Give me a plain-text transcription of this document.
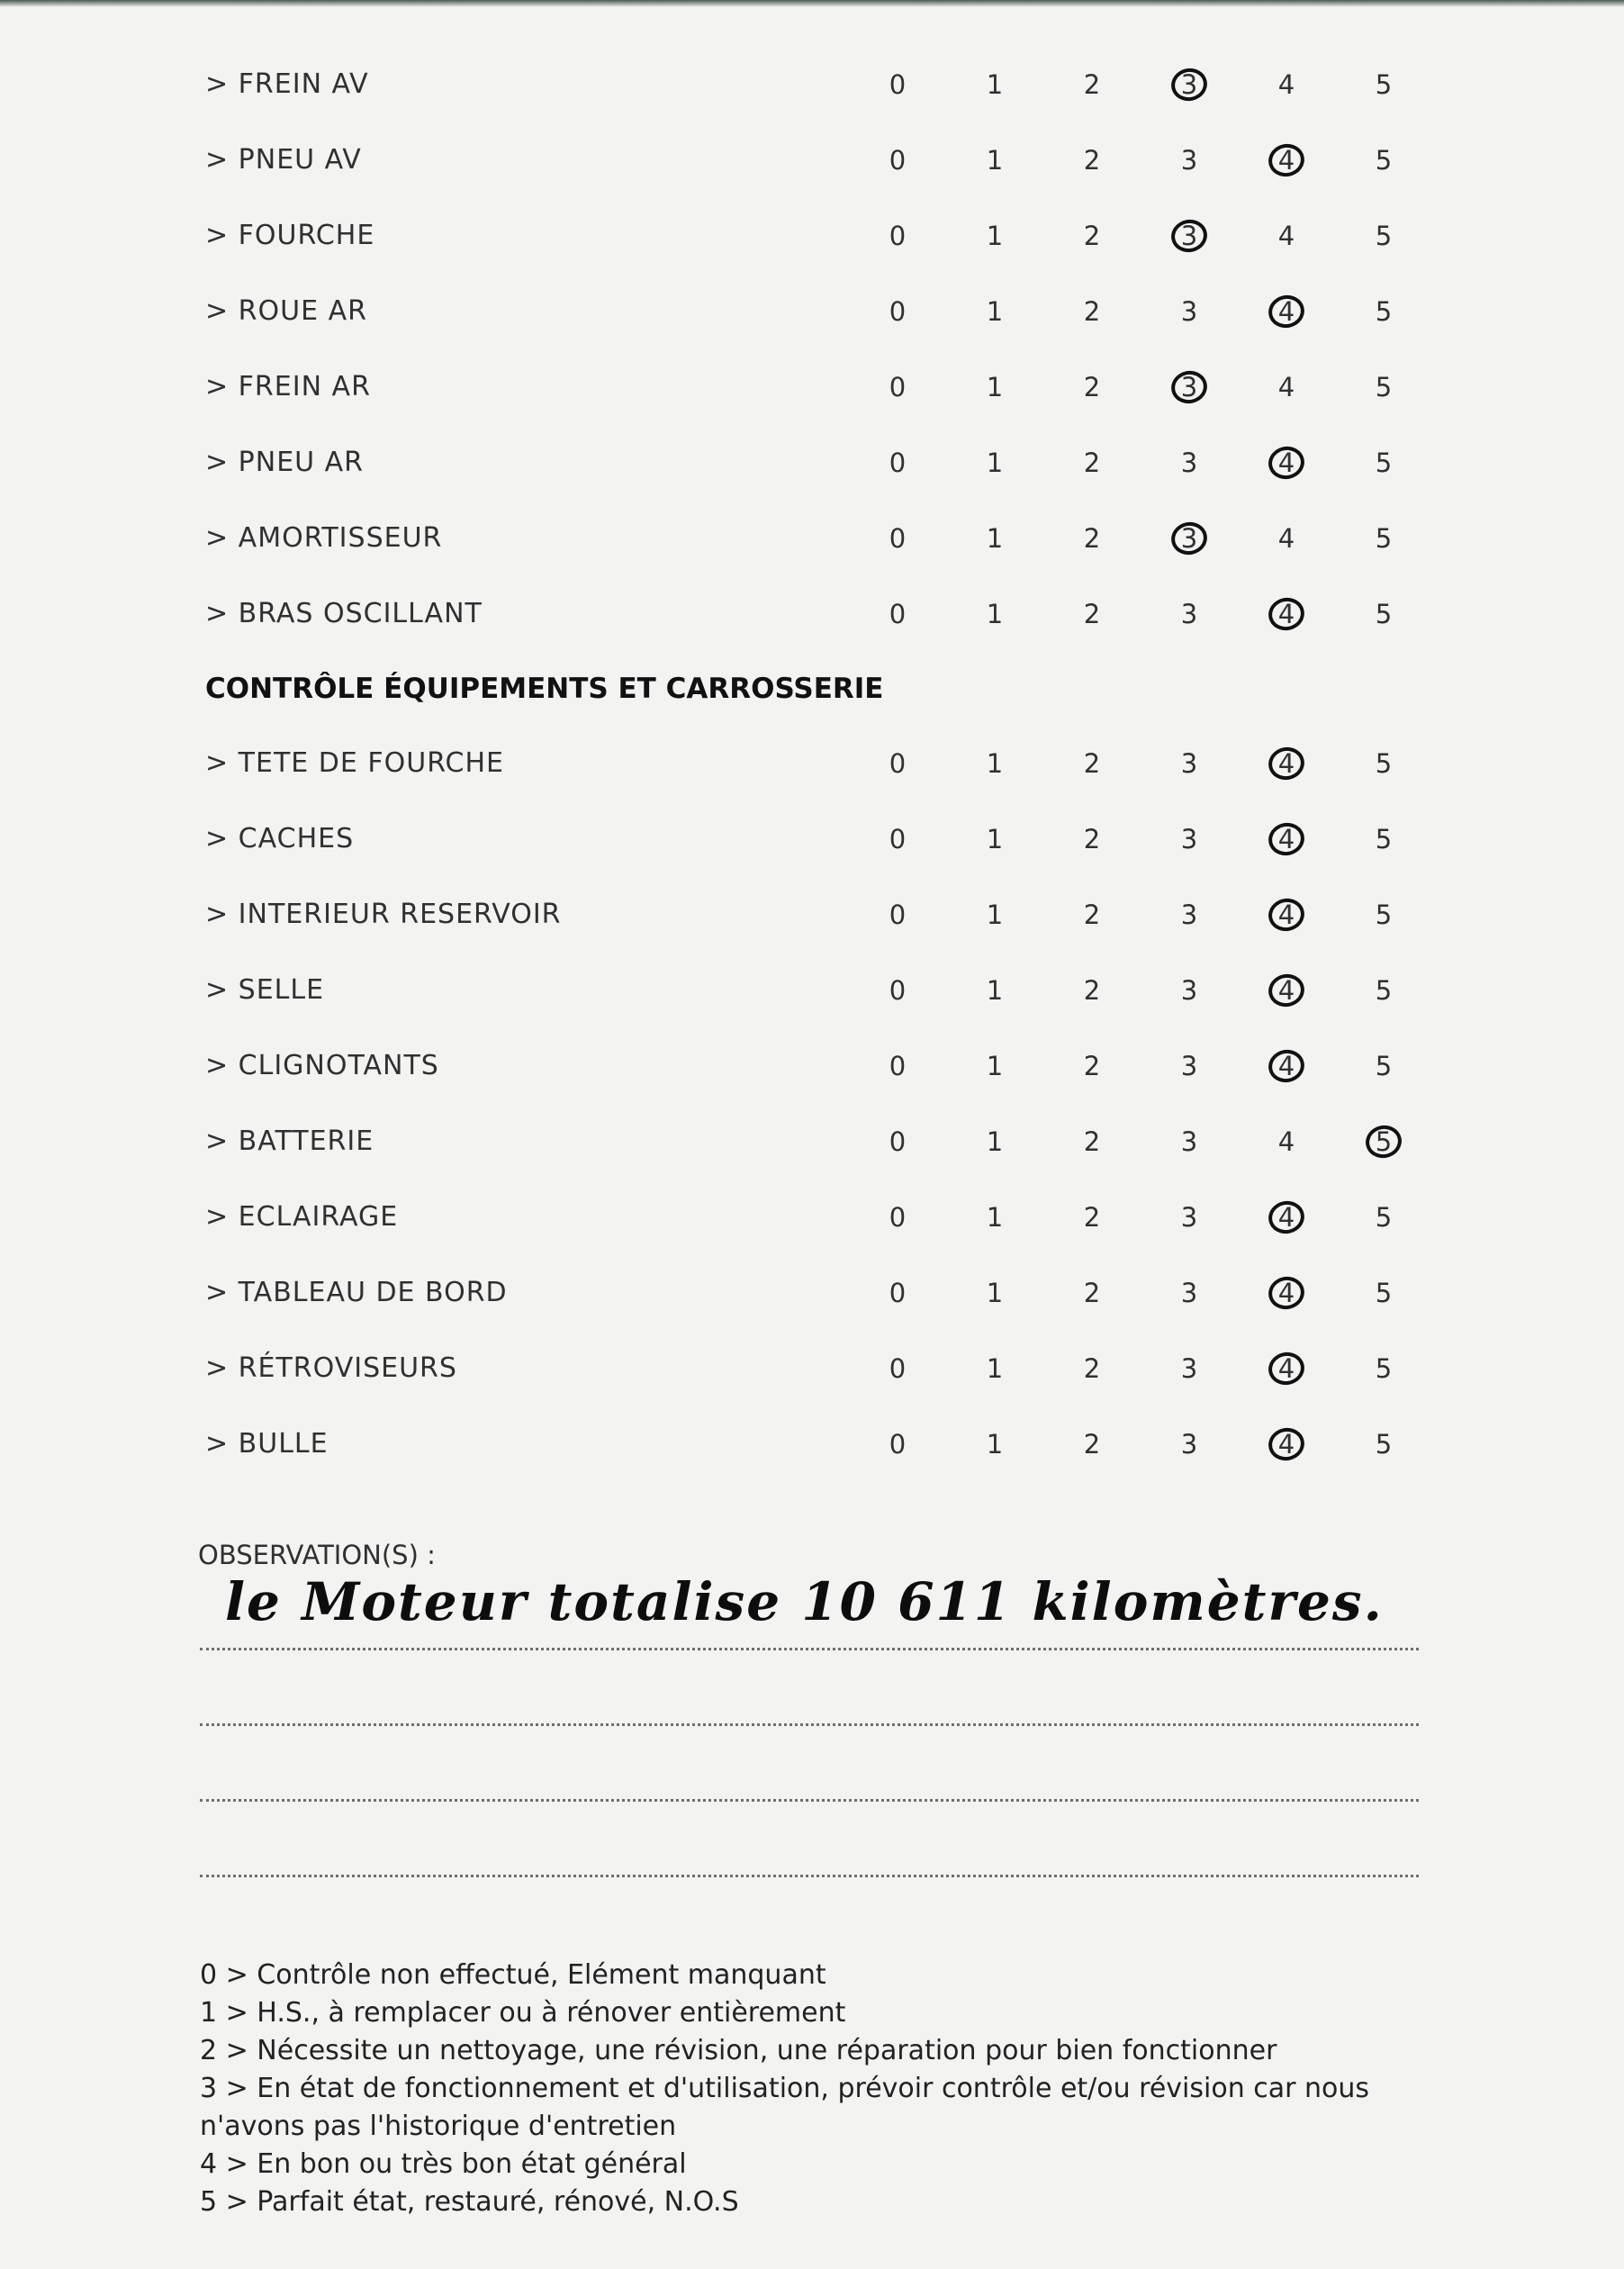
> FREIN AV	0	1	2	3	4	5
> PNEU AV	0	1	2	3	4	5
> FOURCHE	0	1	2	3	4	5
> ROUE AR	0	1	2	3	4	5
> FREIN AR	0	1	2	3	4	5
> PNEU AR	0	1	2	3	4	5
> AMORTISSEUR	0	1	2	3	4	5
> BRAS OSCILLANT	0	1	2	3	4	5
CONTRÔLE ÉQUIPEMENTS ET CARROSSERIE
> TETE DE FOURCHE	0	1	2	3	4	5
> CACHES	0	1	2	3	4	5
> INTERIEUR RESERVOIR	0	1	2	3	4	5
> SELLE	0	1	2	3	4	5
> CLIGNOTANTS	0	1	2	3	4	5
> BATTERIE	0	1	2	3	4	5
> ECLAIRAGE	0	1	2	3	4	5
> TABLEAU DE BORD	0	1	2	3	4	5
> RÉTROVISEURS	0	1	2	3	4	5
> BULLE	0	1	2	3	4	5
OBSERVATION(S) :
le Moteur totalise 10 611 kilomètres.
0 > Contrôle non effectué, Elément manquant
1 > H.S., à remplacer ou à rénover entièrement
2 > Nécessite un nettoyage, une révision, une réparation pour bien fonctionner
3 > En état de fonctionnement et d'utilisation, prévoir contrôle et/ou révision car nous n'avons pas l'historique d'entretien
4 > En bon ou très bon état général
5 > Parfait état, restauré, rénové, N.O.S
